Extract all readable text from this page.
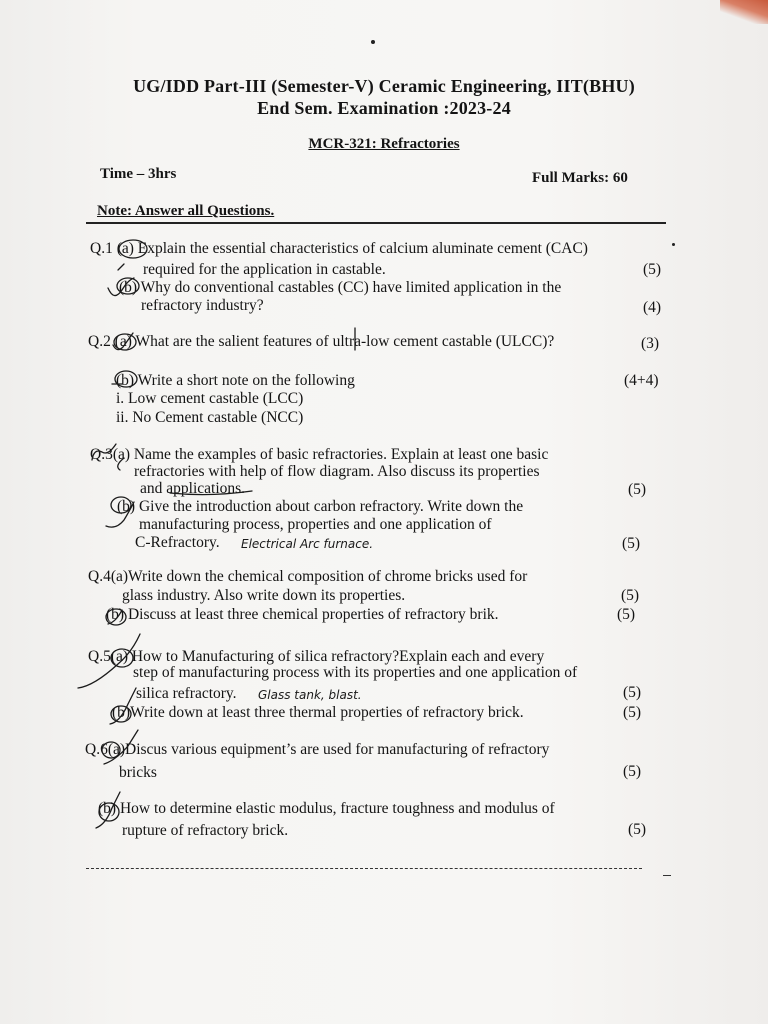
UG/IDD Part-III (Semester-V) Ceramic Engineering, IIT(BHU)
End Sem. Examination :2023-24
MCR-321: Refractories
Time – 3hrs	Full Marks: 60
Note: Answer all Questions.
Q.1 (a) Explain the essential characteristics of calcium aluminate cement (CAC)
required for the application in castable.
(b) Why do conventional castables (CC) have limited application in the
refractory industry?
Q.2 (a) What are the salient features of ultra-low cement castable (ULCC)?
(b) Write a short note on the following
i. Low cement castable (LCC)
ii. No Cement castable (NCC)
Q.3(a) Name the examples of basic refractories. Explain at least one basic
refractories with help of flow diagram. Also discuss its properties
and applications.
(b) Give the introduction about carbon refractory. Write down the
manufacturing process, properties and one application of
C-Refractory.
Q.4(a)Write down the chemical composition of chrome bricks used for
glass industry. Also write down its properties.
(b) Discuss at least three chemical properties of refractory brik.
Q.5(a) How to Manufacturing of silica refractory?Explain each and every
step of manufacturing process with its properties and one application of
silica refractory.
(b)Write down at least three thermal properties of refractory brick.
Q.6(a)Discus various equipment’s are used for manufacturing of refractory
bricks
(b) How to determine elastic modulus, fracture toughness and modulus of
rupture of refractory brick.
(5)
(4)
(3)
(4+4)
(5)
(5)
(5)
(5)
(5)
(5)
(5)
(5)
Electrical Arc furnace.
Glass tank, blast.
